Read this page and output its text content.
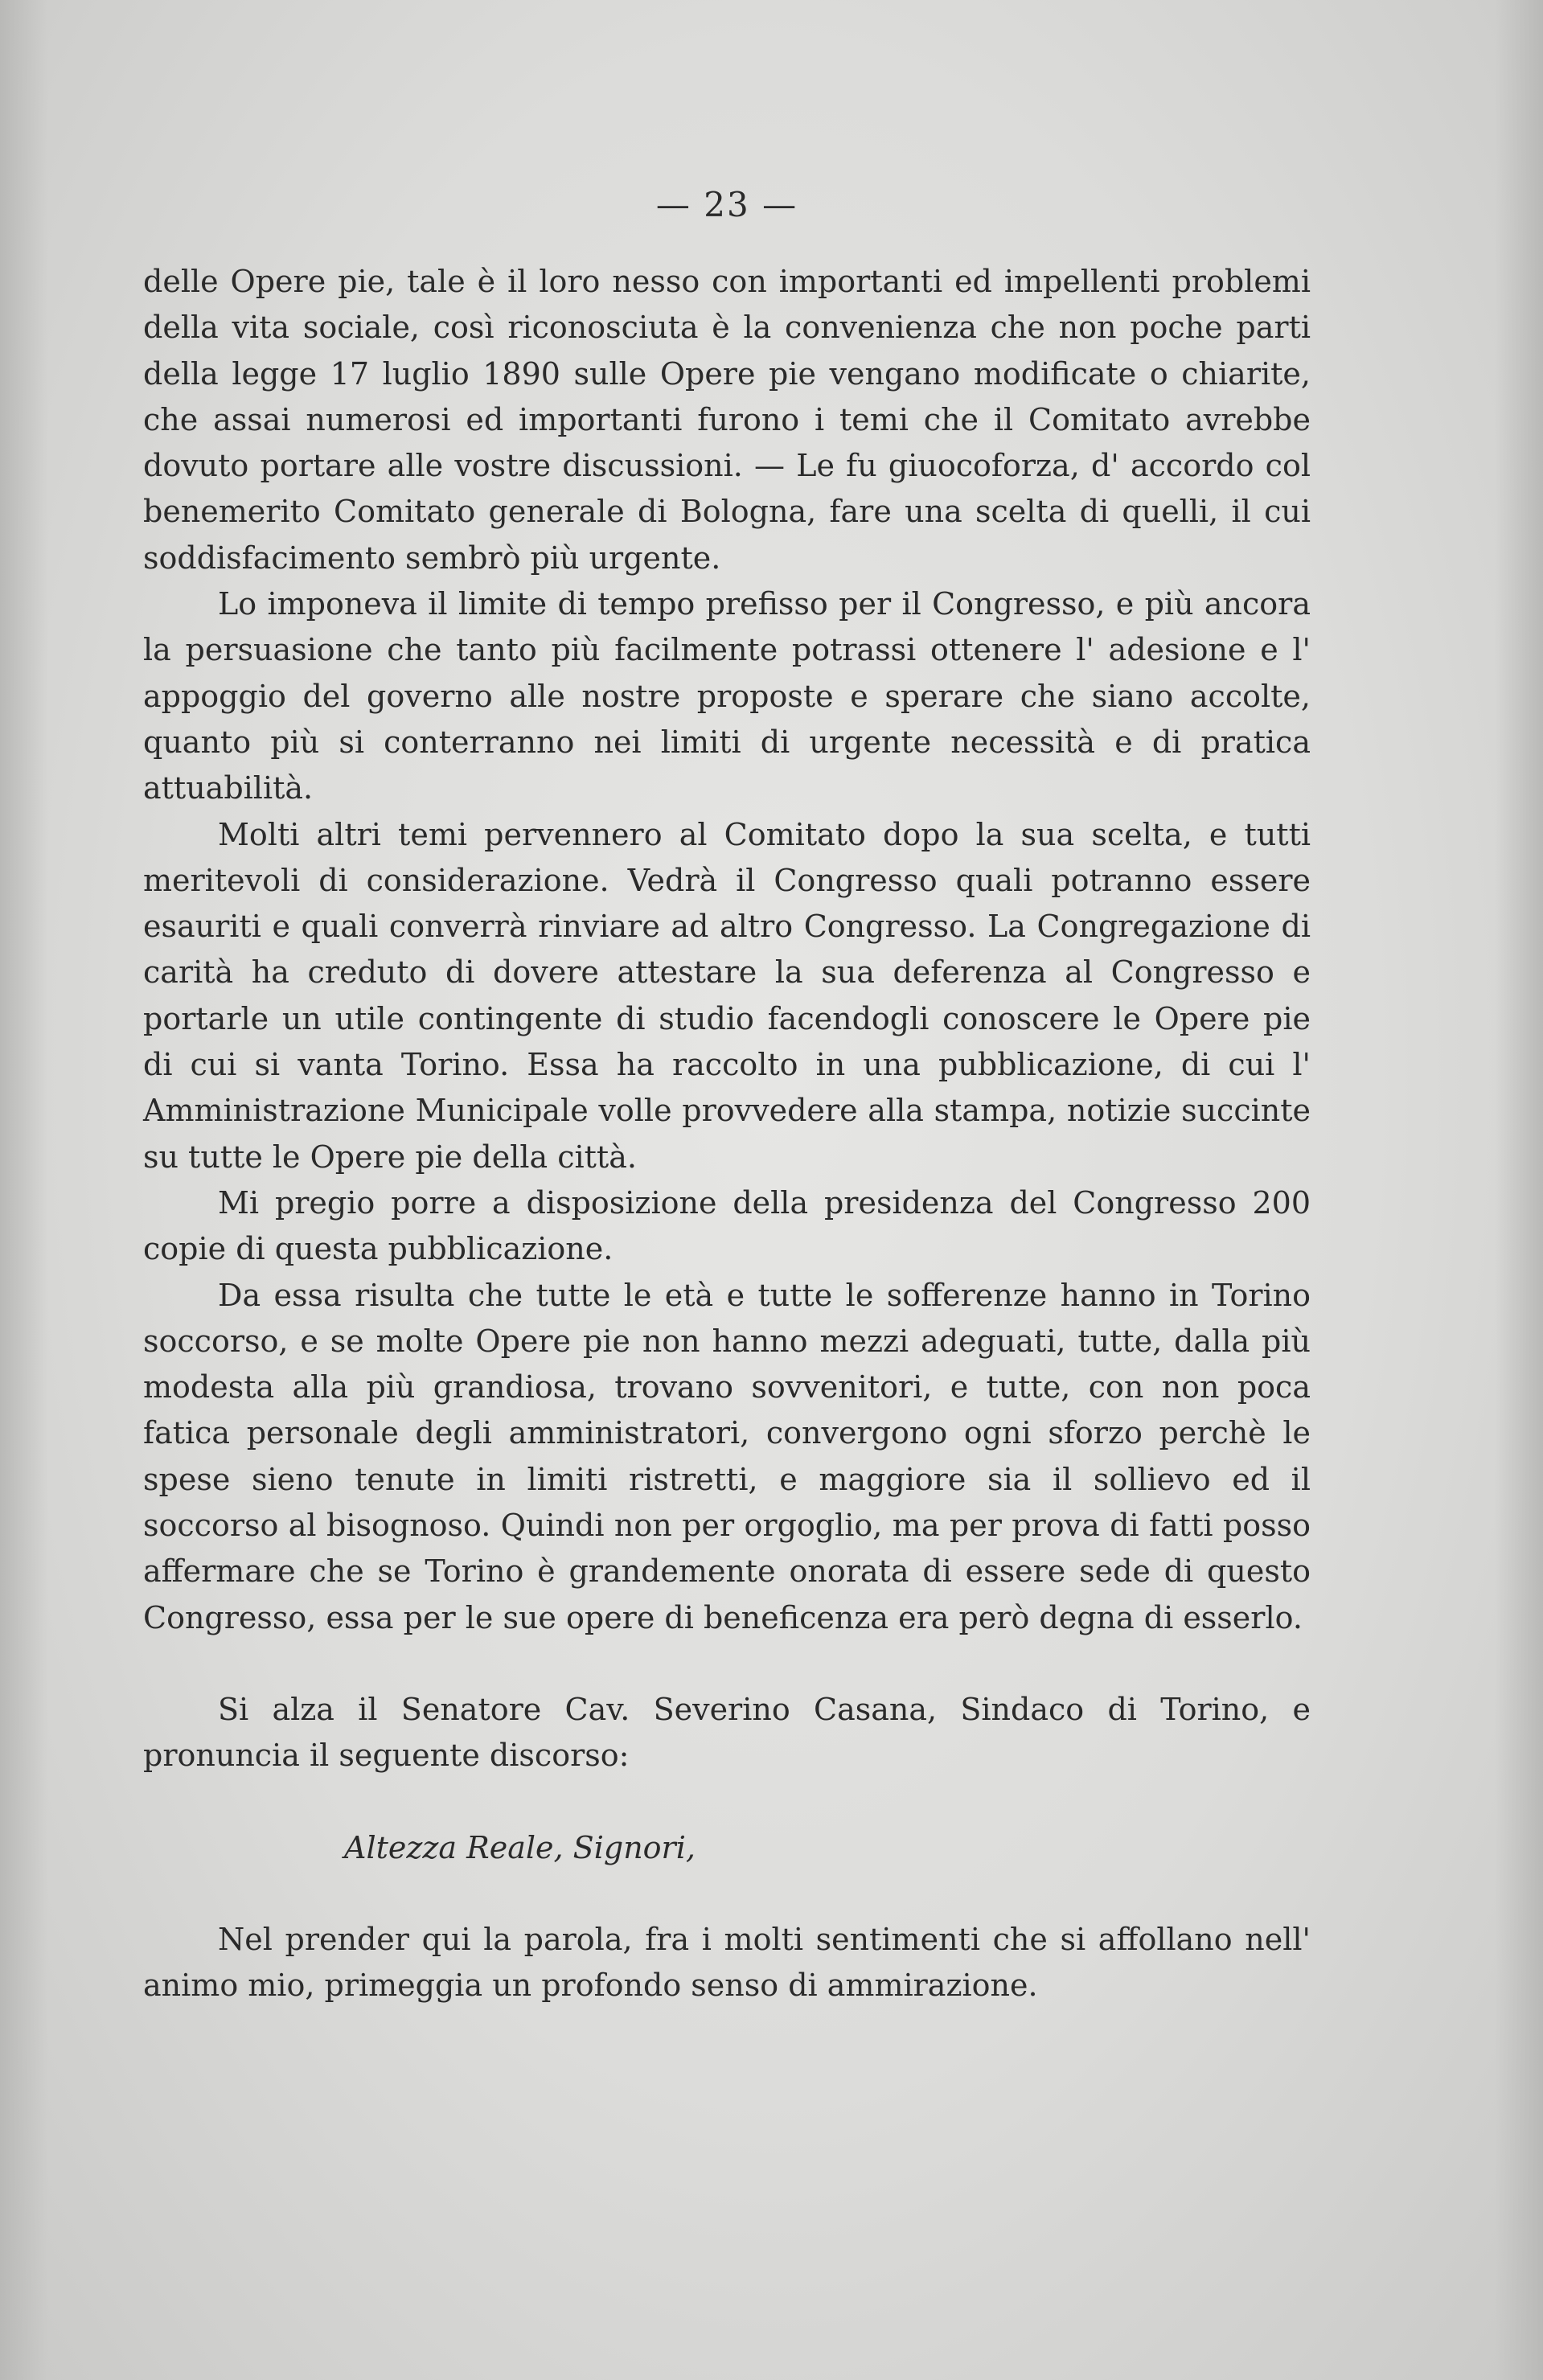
— 23 —

delle Opere pie, tale è il loro nesso con importanti ed impellenti problemi della vita sociale, così riconosciuta è la convenienza che non poche parti della legge 17 luglio 1890 sulle Opere pie vengano modificate o chiarite, che assai numerosi ed importanti furono i temi che il Comitato avrebbe dovuto portare alle vostre discussioni. — Le fu giuocoforza, d' accordo col benemerito Comitato generale di Bologna, fare una scelta di quelli, il cui soddisfacimento sembrò più urgente.

Lo imponeva il limite di tempo prefisso per il Congresso, e più ancora la persuasione che tanto più facilmente potrassi ottenere l' adesione e l' appoggio del governo alle nostre proposte e sperare che siano accolte, quanto più si conterranno nei limiti di urgente necessità e di pratica attuabilità.

Molti altri temi pervennero al Comitato dopo la sua scelta, e tutti meritevoli di considerazione. Vedrà il Congresso quali potranno essere esauriti e quali converrà rinviare ad altro Congresso. La Congregazione di carità ha creduto di dovere attestare la sua deferenza al Congresso e portarle un utile contingente di studio facendogli conoscere le Opere pie di cui si vanta Torino. Essa ha raccolto in una pubblicazione, di cui l' Amministrazione Municipale volle provvedere alla stampa, notizie succinte su tutte le Opere pie della città.

Mi pregio porre a disposizione della presidenza del Congresso 200 copie di questa pubblicazione.

Da essa risulta che tutte le età e tutte le sofferenze hanno in Torino soccorso, e se molte Opere pie non hanno mezzi adeguati, tutte, dalla più modesta alla più grandiosa, trovano sovvenitori, e tutte, con non poca fatica personale degli amministratori, convergono ogni sforzo perchè le spese sieno tenute in limiti ristretti, e maggiore sia il sollievo ed il soccorso al bisognoso. Quindi non per orgoglio, ma per prova di fatti posso affermare che se Torino è grandemente onorata di essere sede di questo Congresso, essa per le sue opere di beneficenza era però degna di esserlo.

Si alza il Senatore Cav. Severino Casana, Sindaco di Torino, e pronuncia il seguente discorso:

Altezza Reale, Signori,

Nel prender qui la parola, fra i molti sentimenti che si affollano nell' animo mio, primeggia un profondo senso di ammirazione.
